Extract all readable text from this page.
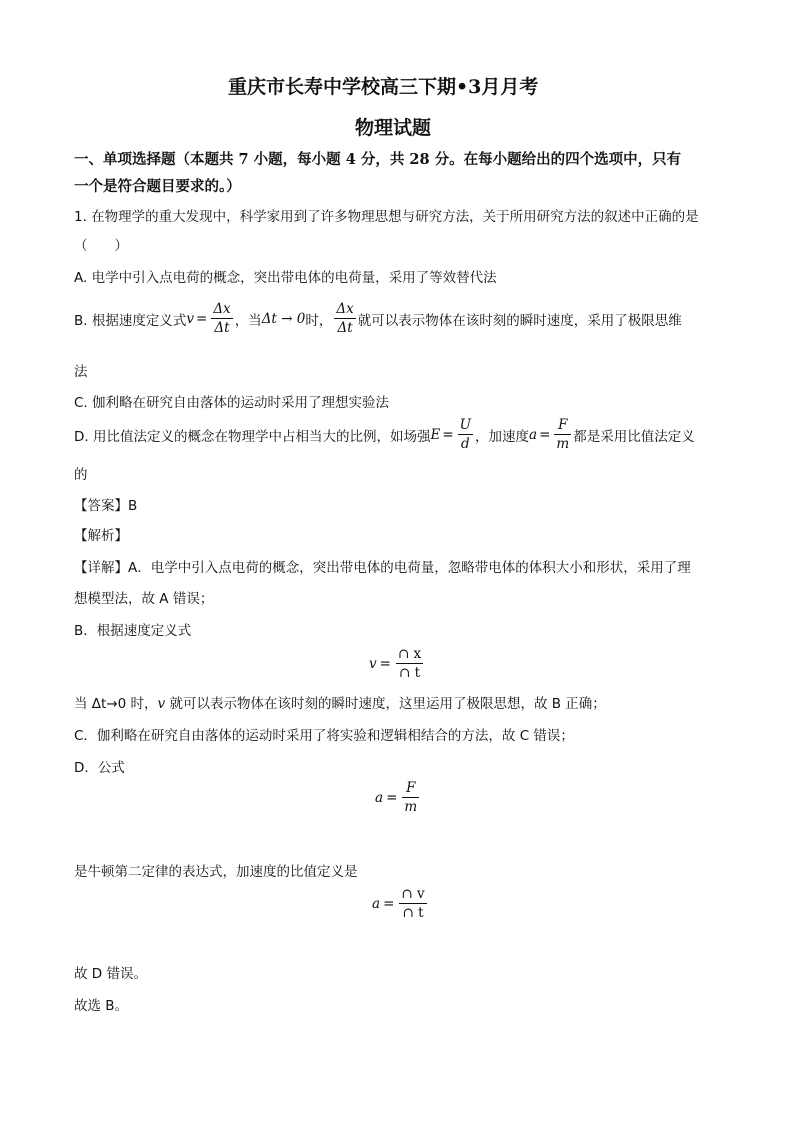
重庆市长寿中学校高三下期•3月月考
物理试题
一、单项选择题（本题共 7 小题，每小题 4 分，共 28 分。在每小题给出的四个选项中，只有
一个是符合题目要求的。）
1. 在物理学的重大发现中，科学家用到了许多物理思想与研究方法，关于所用研究方法的叙述中正确的是
（　　）
A. 电学中引入点电荷的概念，突出带电体的电荷量，采用了等效替代法
B. 根据速度定义式 $v = \frac{\Delta x}{\Delta t}$ ，当 Δt → 0 时， $\frac{\Delta x}{\Delta t}$ 就可以表示物体在该时刻的瞬时速度，采用了极限思维
法
C. 伽利略在研究自由落体的运动时采用了理想实验法
D. 用比值法定义的概念在物理学中占相当大的比例，如场强 $E = \frac{U}{d}$ ，加速度 $a = \frac{F}{m}$ 都是采用比值法定义
的
【答案】B
【解析】
【详解】A．电学中引入点电荷的概念，突出带电体的电荷量，忽略带电体的体积大小和形状，采用了理
想模型法，故 A 错误；
B．根据速度定义式
$v = \frac{\cap x}{\cap t}$
当 Δt→0 时，v 就可以表示物体在该时刻的瞬时速度，这里运用了极限思想，故 B 正确；
C．伽利略在研究自由落体的运动时采用了将实验和逻辑相结合的方法，故 C 错误；
D．公式
$a = \frac{F}{m}$
是牛顿第二定律的表达式，加速度的比值定义是
$a = \frac{\cap v}{\cap t}$
故 D 错误。
故选 B。
